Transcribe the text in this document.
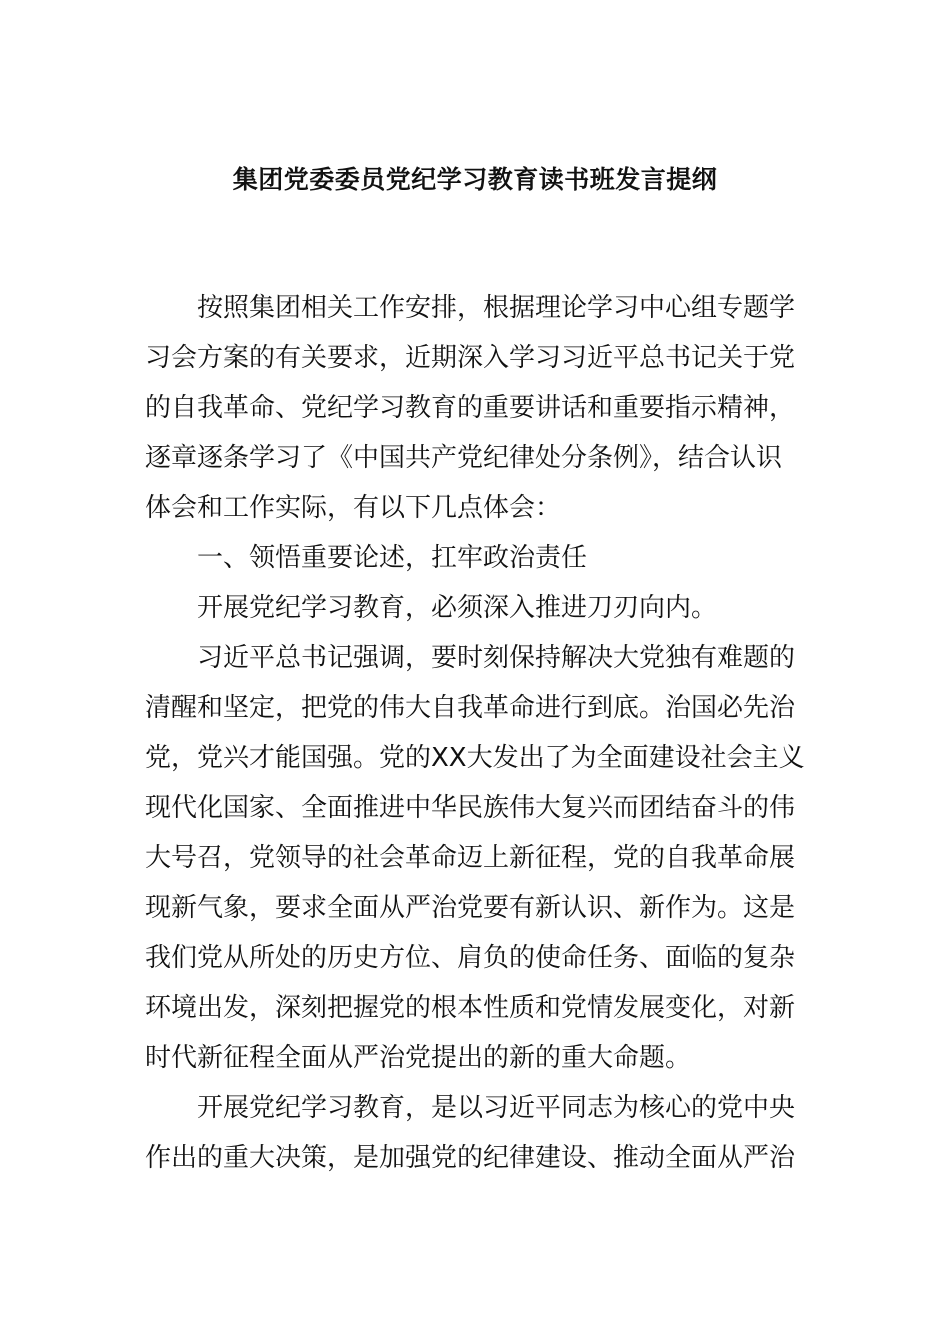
集团党委委员党纪学习教育读书班发言提纲
按照集团相关工作安排，根据理论学习中心组专题学
习会方案的有关要求，近期深入学习习近平总书记关于党
的自我革命、党纪学习教育的重要讲话和重要指示精神，
逐章逐条学习了《中国共产党纪律处分条例》，结合认识
体会和工作实际，有以下几点体会：
一、领悟重要论述，扛牢政治责任
开展党纪学习教育，必须深入推进刀刃向内。
习近平总书记强调，要时刻保持解决大党独有难题的
清醒和坚定，把党的伟大自我革命进行到底。治国必先治
党，党兴才能国强。党的XX大发出了为全面建设社会主义
现代化国家、全面推进中华民族伟大复兴而团结奋斗的伟
大号召，党领导的社会革命迈上新征程，党的自我革命展
现新气象，要求全面从严治党要有新认识、新作为。这是
我们党从所处的历史方位、肩负的使命任务、面临的复杂
环境出发，深刻把握党的根本性质和党情发展变化，对新
时代新征程全面从严治党提出的新的重大命题。
开展党纪学习教育，是以习近平同志为核心的党中央
作出的重大决策，是加强党的纪律建设、推动全面从严治
